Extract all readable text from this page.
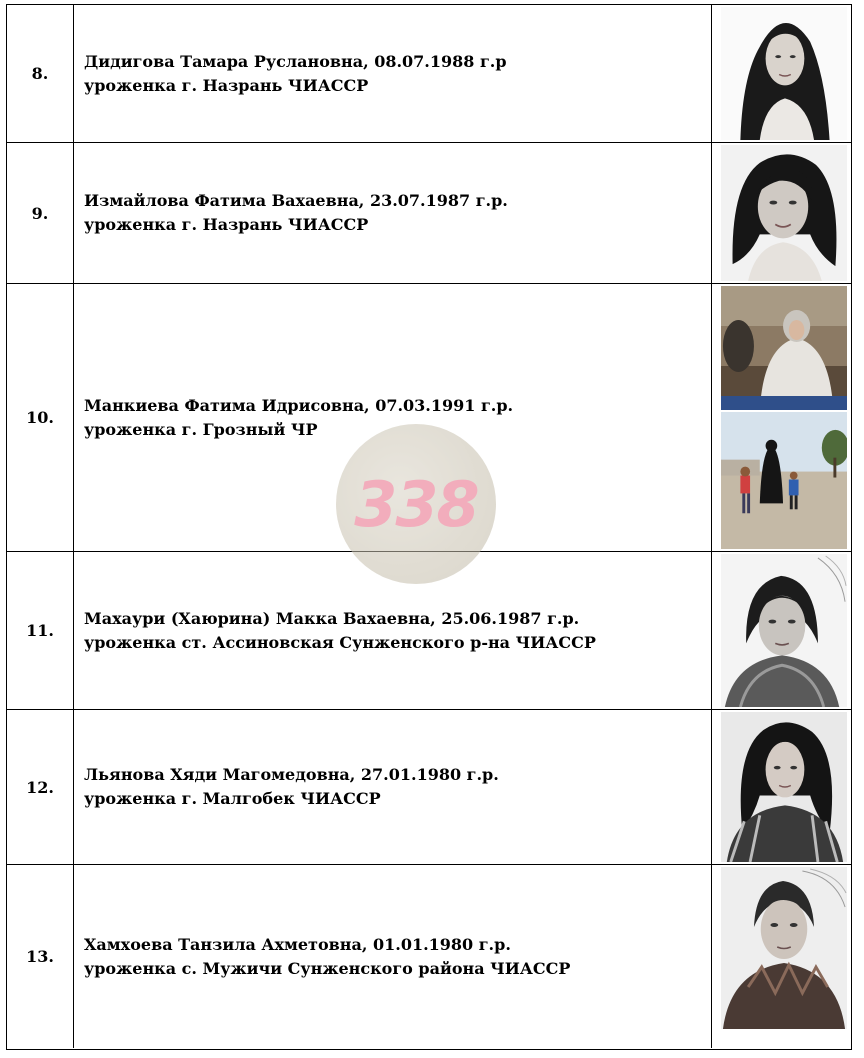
8.
Дидигова Тамара Руслановна, 08.07.1988 г.р
уроженка г. Назрань ЧИАССР
9.
Измайлова Фатима Вахаевна, 23.07.1987 г.р.
уроженка г. Назрань ЧИАССР
10.
Манкиева Фатима Идрисовна, 07.03.1991 г.р.
уроженка г. Грозный ЧР
11.
Махаури (Хаюрина) Макка Вахаевна, 25.06.1987 г.р.
уроженка ст. Ассиновская Сунженского р-на ЧИАССР
12.
Льянова Хяди Магомедовна, 27.01.1980 г.р.
уроженка г. Малгобек ЧИАССР
13.
Хамхоева Танзила Ахметовна, 01.01.1980 г.р.
уроженка с. Мужичи Сунженского района ЧИАССР
338
